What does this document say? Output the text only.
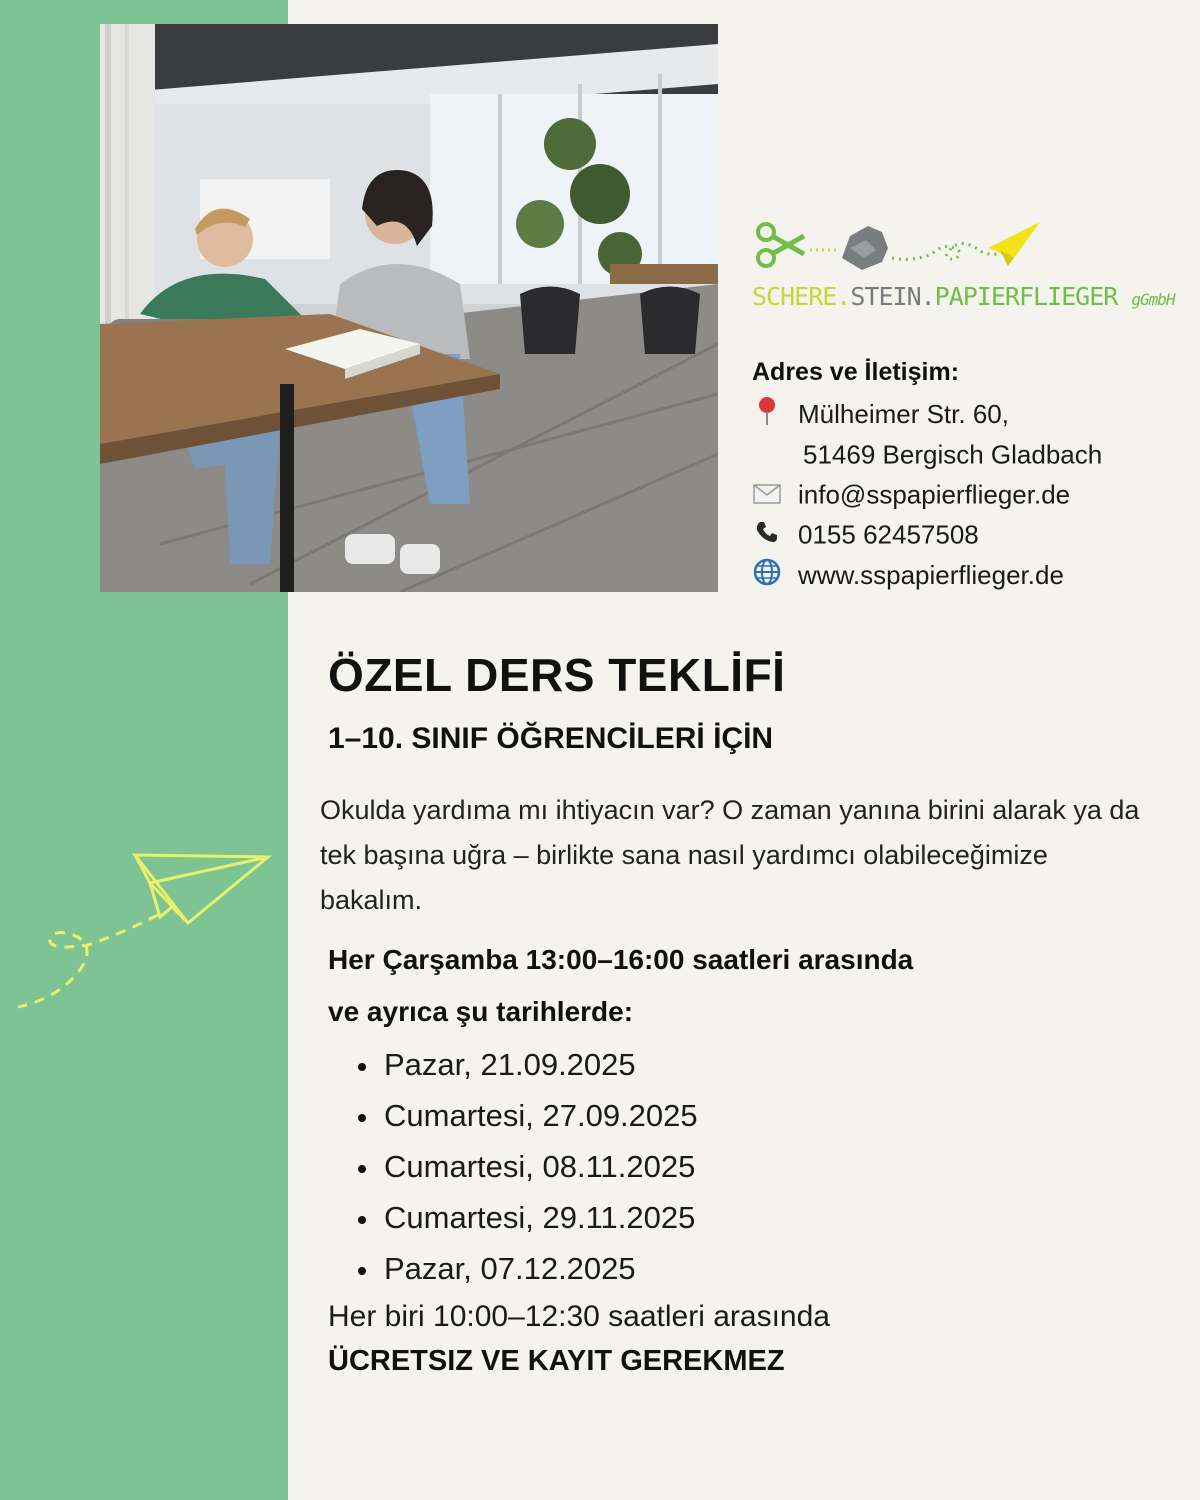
SCHERE.STEIN.PAPIERFLIEGER gGmbH
Adres ve İletişim:
Mülheimer Str. 60,
51469 Bergisch Gladbach
info@sspapierflieger.de
0155 62457508
www.sspapierflieger.de
ÖZEL DERS TEKLİFİ
1–10. SINIF ÖĞRENCİLERİ İÇİN
Okulda yardıma mı ihtiyacın var? O zaman yanına birini alarak ya da tek başına uğra – birlikte sana nasıl yardımcı olabileceğimize bakalım.
Her Çarşamba 13:00–16:00 saatleri arasında
ve ayrıca şu tarihlerde:
Pazar, 21.09.2025
Cumartesi, 27.09.2025
Cumartesi, 08.11.2025
Cumartesi, 29.11.2025
Pazar, 07.12.2025
Her biri 10:00–12:30 saatleri arasında
ÜCRETSIZ VE KAYIT GEREKMEZ
